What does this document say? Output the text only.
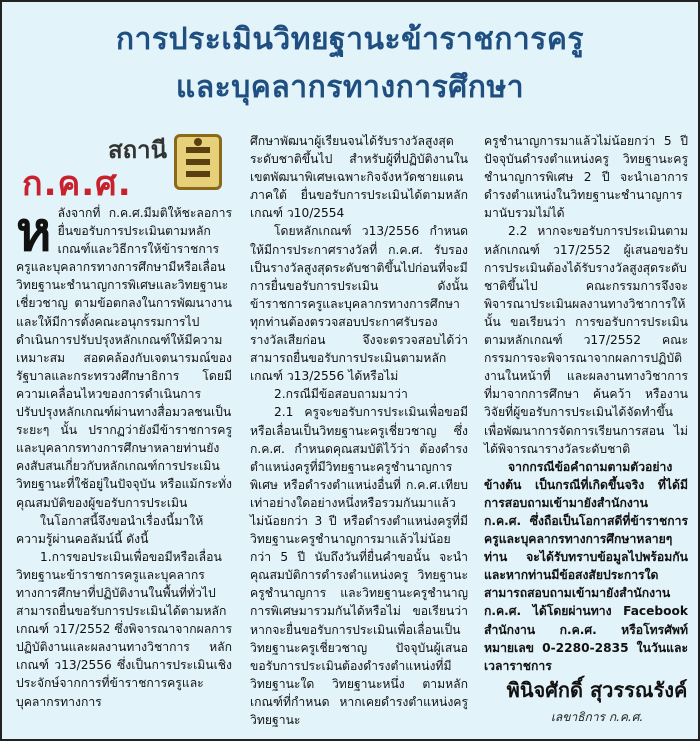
การประเมินวิทยฐานะข้าราชการครู
และบุคลากรทางการศึกษา
สถานี
ก.ค.ศ.

หลังจากที่ ก.ค.ศ.มีมติให้ชะลอการยื่นขอรับการประเมินตามหลักเกณฑ์และวิธีการให้ข้าราชการครูและบุคลากรทางการศึกษามีหรือเลื่อนวิทยฐานะชำนาญการพิเศษและวิทยฐานะเชี่ยวชาญ ตามข้อตกลงในการพัฒนางาน และให้มีการตั้งคณะอนุกรรมการไปดำเนินการปรับปรุงหลักเกณฑ์ให้มีความเหมาะสม สอดคล้องกับเจตนารมณ์ของรัฐบาลและกระทรวงศึกษาธิการ โดยมีความเคลื่อนไหวของการดำเนินการปรับปรุงหลักเกณฑ์ผ่านทางสื่อมวลชนเป็นระยะๆ นั้น ปรากฏว่ายังมีข้าราชการครูและบุคลากรทางการศึกษาหลายท่านยังคงสับสนเกี่ยวกับหลักเกณฑ์การประเมินวิทยฐานะที่ใช้อยู่ในปัจจุบัน หรือแม้กระทั่งคุณสมบัติของผู้ขอรับการประเมิน

ในโอกาสนี้จึงขอนำเรื่องนี้มาให้ความรู้ผ่านคอลัมน์นี้ ดังนี้

1.การขอประเมินเพื่อขอมีหรือเลื่อนวิทยฐานะข้าราชการครูและบุคลากรทางการศึกษาที่ปฏิบัติงานในพื้นที่ทั่วไป สามารถยื่นขอรับการประเมินได้ตามหลักเกณฑ์ ว17/2552 ซึ่งพิจารณาจากผลการปฏิบัติงานและผลงานทางวิชาการ หลักเกณฑ์ ว13/2556 ซึ่งเป็นการประเมินเชิงประจักษ์จากการที่ข้าราชการครูและบุคลากรทางการ

ศึกษาพัฒนาผู้เรียนจนได้รับรางวัลสูงสุดระดับชาติขึ้นไป สำหรับผู้ที่ปฏิบัติงานในเขตพัฒนาพิเศษเฉพาะกิจจังหวัดชายแดนภาคใต้ ยื่นขอรับการประเมินได้ตามหลักเกณฑ์ ว10/2554

โดยหลักเกณฑ์ ว13/2556 กำหนดให้มีการประกาศรางวัลที่ ก.ค.ศ. รับรองเป็นรางวัลสูงสุดระดับชาติขึ้นไปก่อนที่จะมีการยื่นขอรับการประเมิน ดังนั้น ข้าราชการครูและบุคลากรทางการศึกษาทุกท่านต้องตรวจสอบประกาศรับรองรางวัลเสียก่อน จึงจะตรวจสอบได้ว่าสามารถยื่นขอรับการประเมินตามหลักเกณฑ์ ว13/2556 ได้หรือไม่

2.กรณีมีข้อสอบถามมาว่า

2.1 ครูจะขอรับการประเมินเพื่อขอมีหรือเลื่อนเป็นวิทยฐานะครูเชี่ยวชาญ ซึ่ง ก.ค.ศ. กำหนดคุณสมบัติไว้ว่า ต้องดำรงตำแหน่งครูที่มีวิทยฐานะครูชำนาญการพิเศษ หรือดำรงตำแหน่งอื่นที่ ก.ค.ศ.เทียบเท่าอย่างใดอย่างหนึ่งหรือรวมกันมาแล้วไม่น้อยกว่า 3 ปี หรือดำรงตำแหน่งครูที่มีวิทยฐานะครูชำนาญการมาแล้วไม่น้อยกว่า 5 ปี นับถึงวันที่ยื่นคำขอนั้น จะนำคุณสมบัติการดำรงตำแหน่งครู วิทยฐานะครูชำนาญการ และวิทยฐานะครูชำนาญการพิเศษมารวมกันได้หรือไม่ ขอเรียนว่า หากจะยื่นขอรับการประเมินเพื่อเลื่อนเป็นวิทยฐานะครูเชี่ยวชาญ ปัจจุบันผู้เสนอขอรับการประเมินต้องดำรงตำแหน่งที่มีวิทยฐานะใด วิทยฐานะหนึ่ง ตามหลักเกณฑ์ที่กำหนด หากเคยดำรงตำแหน่งครู วิทยฐานะ

ครูชำนาญการมาแล้วไม่น้อยกว่า 5 ปี ปัจจุบันดำรงตำแหน่งครู วิทยฐานะครูชำนาญการพิเศษ 2 ปี จะนำเอาการดำรงตำแหน่งในวิทยฐานะชำนาญการมานับรวมไม่ได้

2.2 หากจะขอรับการประเมินตามหลักเกณฑ์ ว17/2552 ผู้เสนอขอรับการประเมินต้องได้รับรางวัลสูงสุดระดับชาติขึ้นไป คณะกรรมการจึงจะพิจารณาประเมินผลงานทางวิชาการให้นั้น ขอเรียนว่า การขอรับการประเมินตามหลักเกณฑ์ ว17/2552 คณะกรรมการจะพิจารณาจากผลการปฏิบัติงานในหน้าที่ และผลงานทางวิชาการที่มาจากการศึกษา ค้นคว้า หรืองานวิจัยที่ผู้ขอรับการประเมินได้จัดทำขึ้นเพื่อพัฒนาการจัดการเรียนการสอน ไม่ได้พิจารณารางวัลระดับชาติ

จากกรณีข้อคำถามตามตัวอย่างข้างต้น เป็นกรณีที่เกิดขึ้นจริง ที่ได้มีการสอบถามเข้ามายังสำนักงาน ก.ค.ศ. ซึ่งถือเป็นโอกาสดีที่ข้าราชการครูและบุคลากรทางการศึกษาหลายๆ ท่าน จะได้รับทราบข้อมูลไปพร้อมกัน และหากท่านมีข้อสงสัยประการใดสามารถสอบถามเข้ามายังสำนักงาน ก.ค.ศ. ได้โดยผ่านทาง Facebook สำนักงาน ก.ค.ศ. หรือโทรศัพท์หมายเลข 0-2280-2835 ในวันและเวลาราชการ

พินิจศักดิ์ สุวรรณรังค์
เลขาธิการ ก.ค.ศ.
